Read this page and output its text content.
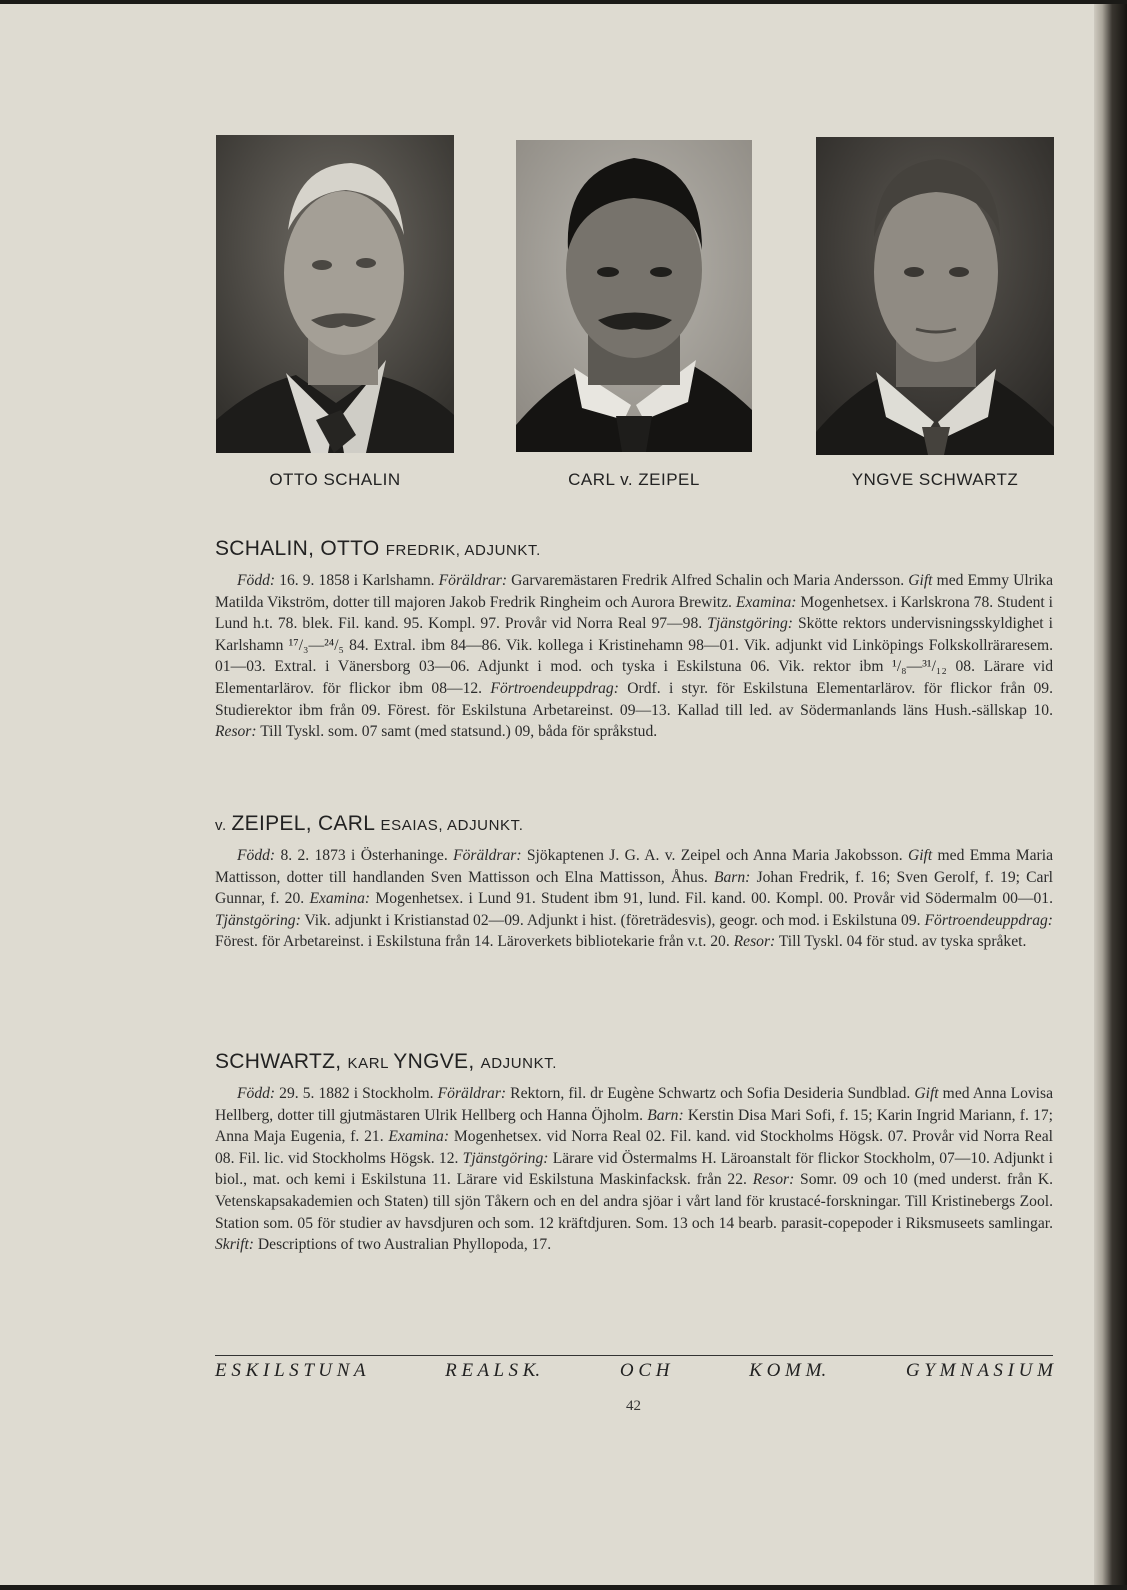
OTTO SCHALIN	CARL v. ZEIPEL	YNGVE SCHWARTZ
SCHALIN, OTTO FREDRIK, ADJUNKT.

Född: 16. 9. 1858 i Karlshamn. Föräldrar: Garvaremästaren Fredrik Alfred Schalin och Maria Andersson. Gift med Emmy Ulrika Matilda Vikström, dotter till majoren Jakob Fredrik Ringheim och Aurora Brewitz. Examina: Mogenhetsex. i Karlskrona 78. Student i Lund h.t. 78. blek. Fil. kand. 95. Kompl. 97. Provår vid Norra Real 97—98. Tjänstgöring: Skötte rektors undervisningsskyldighet i Karlshamn ¹⁷/₃—²⁴/₅ 84. Extral. ibm 84—86. Vik. kollega i Kristinehamn 98—01. Vik. adjunkt vid Linköpings Folkskollräraresem. 01—03. Extral. i Vänersborg 03—06. Adjunkt i mod. och tyska i Eskilstuna 06. Vik. rektor ibm ¹/₈—³¹/₁₂ 08. Lärare vid Elementarlärov. för flickor ibm 08—12. Förtroendeuppdrag: Ordf. i styr. för Eskilstuna Elementarlärov. för flickor från 09. Studierektor ibm från 09. Förest. för Eskilstuna Arbetareinst. 09—13. Kallad till led. av Södermanlands läns Hush.-sällskap 10. Resor: Till Tyskl. som. 07 samt (med statsund.) 09, båda för språkstud.

v. ZEIPEL, CARL ESAIAS, ADJUNKT.

Född: 8. 2. 1873 i Österhaninge. Föräldrar: Sjökaptenen J. G. A. v. Zeipel och Anna Maria Jakobsson. Gift med Emma Maria Mattisson, dotter till handlanden Sven Mattisson och Elna Mattisson, Åhus. Barn: Johan Fredrik, f. 16; Sven Gerolf, f. 19; Carl Gunnar, f. 20. Examina: Mogenhetsex. i Lund 91. Student ibm 91, lund. Fil. kand. 00. Kompl. 00. Provår vid Södermalm 00—01. Tjänstgöring: Vik. adjunkt i Kristianstad 02—09. Adjunkt i hist. (företrädesvis), geogr. och mod. i Eskilstuna 09. Förtroendeuppdrag: Förest. för Arbetareinst. i Eskilstuna från 14. Läroverkets bibliotekarie från v.t. 20. Resor: Till Tyskl. 04 för stud. av tyska språket.

SCHWARTZ, KARL YNGVE, ADJUNKT.

Född: 29. 5. 1882 i Stockholm. Föräldrar: Rektorn, fil. dr Eugène Schwartz och Sofia Desideria Sundblad. Gift med Anna Lovisa Hellberg, dotter till gjutmästaren Ulrik Hellberg och Hanna Öjholm. Barn: Kerstin Disa Mari Sofi, f. 15; Karin Ingrid Mariann, f. 17; Anna Maja Eugenia, f. 21. Examina: Mogenhetsex. vid Norra Real 02. Fil. kand. vid Stockholms Högsk. 07. Provår vid Norra Real 08. Fil. lic. vid Stockholms Högsk. 12. Tjänstgöring: Lärare vid Östermalms H. Läroanstalt för flickor Stockholm, 07—10. Adjunkt i biol., mat. och kemi i Eskilstuna 11. Lärare vid Eskilstuna Maskinfacksk. från 22. Resor: Somr. 09 och 10 (med underst. från K. Vetenskapsakademien och Staten) till sjön Tåkern och en del andra sjöar i vårt land för krustacé-forskningar. Till Kristinebergs Zool. Station som. 05 för studier av havsdjuren och som. 12 kräftdjuren. Som. 13 och 14 bearb. parasit-copepoder i Riksmuseets samlingar. Skrift: Descriptions of two Australian Phyllopoda, 17.

E S K I L S T U N A	R E A L S K.	O C H	K O M M.	G Y M N A S I U M
42
